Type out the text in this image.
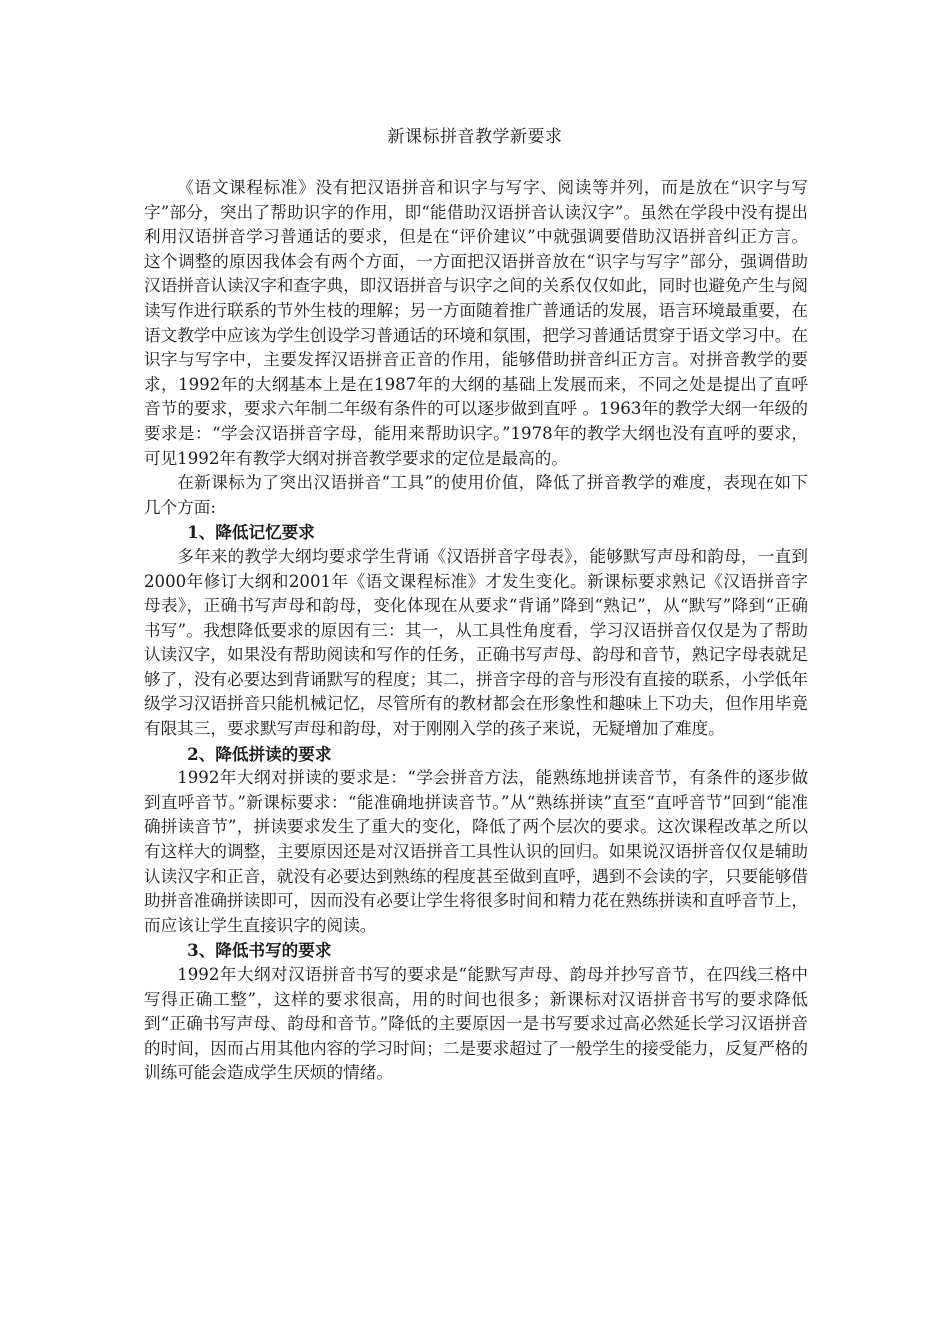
新课标拼音教学新要求

《语文课程标准》没有把汉语拼音和识字与写字、阅读等并列，而是放在“识字与写字”部分，突出了帮助识字的作用，即“能借助汉语拼音认读汉字”。虽然在学段中没有提出利用汉语拼音学习普通话的要求，但是在“评价建议”中就强调要借助汉语拼音纠正方言。这个调整的原因我体会有两个方面，一方面把汉语拼音放在“识字与写字”部分，强调借助汉语拼音认读汉字和查字典，即汉语拼音与识字之间的关系仅仅如此，同时也避免产生与阅读写作进行联系的节外生枝的理解；另一方面随着推广普通话的发展，语言环境最重要，在语文教学中应该为学生创设学习普通话的环境和氛围，把学习普通话贯穿于语文学习中。在识字与写字中，主要发挥汉语拼音正音的作用，能够借助拼音纠正方言。对拼音教学的要求，1992年的大纲基本上是在1987年的大纲的基础上发展而来，不同之处是提出了直呼音节的要求，要求六年制二年级有条件的可以逐步做到直呼 。1963年的教学大纲一年级的要求是：“学会汉语拼音字母，能用来帮助识字。”1978年的教学大纲也没有直呼的要求，可见1992年有教学大纲对拼音教学要求的定位是最高的。

在新课标为了突出汉语拼音“工具”的使用价值，降低了拼音教学的难度，表现在如下几个方面:

1、降低记忆要求

多年来的教学大纲均要求学生背诵《汉语拼音字母表》，能够默写声母和韵母，一直到2000年修订大纲和2001年《语文课程标准》才发生变化。新课标要求熟记《汉语拼音字母表》，正确书写声母和韵母，变化体现在从要求“背诵”降到“熟记”，从“默写”降到“正确书写”。我想降低要求的原因有三：其一，从工具性角度看，学习汉语拼音仅仅是为了帮助认读汉字，如果没有帮助阅读和写作的任务，正确书写声母、韵母和音节，熟记字母表就足够了，没有必要达到背诵默写的程度；其二，拼音字母的音与形没有直接的联系，小学低年级学习汉语拼音只能机械记忆，尽管所有的教材都会在形象性和趣味上下功夫，但作用毕竟有限其三，要求默写声母和韵母，对于刚刚入学的孩子来说，无疑增加了难度。

2、降低拼读的要求

1992年大纲对拼读的要求是：“学会拼音方法，能熟练地拼读音节，有条件的逐步做到直呼音节。”新课标要求：“能准确地拼读音节。”从“熟练拼读”直至“直呼音节”回到“能准确拼读音节”，拼读要求发生了重大的变化，降低了两个层次的要求。这次课程改革之所以有这样大的调整，主要原因还是对汉语拼音工具性认识的回归。如果说汉语拼音仅仅是辅助认读汉字和正音，就没有必要达到熟练的程度甚至做到直呼，遇到不会读的字，只要能够借助拼音准确拼读即可，因而没有必要让学生将很多时间和精力花在熟练拼读和直呼音节上，而应该让学生直接识字的阅读。

3、降低书写的要求

1992年大纲对汉语拼音书写的要求是“能默写声母、韵母并抄写音节，在四线三格中写得正确工整”，这样的要求很高，用的时间也很多；新课标对汉语拼音书写的要求降低到“正确书写声母、韵母和音节。”降低的主要原因一是书写要求过高必然延长学习汉语拼音的时间，因而占用其他内容的学习时间；二是要求超过了一般学生的接受能力，反复严格的训练可能会造成学生厌烦的情绪。
